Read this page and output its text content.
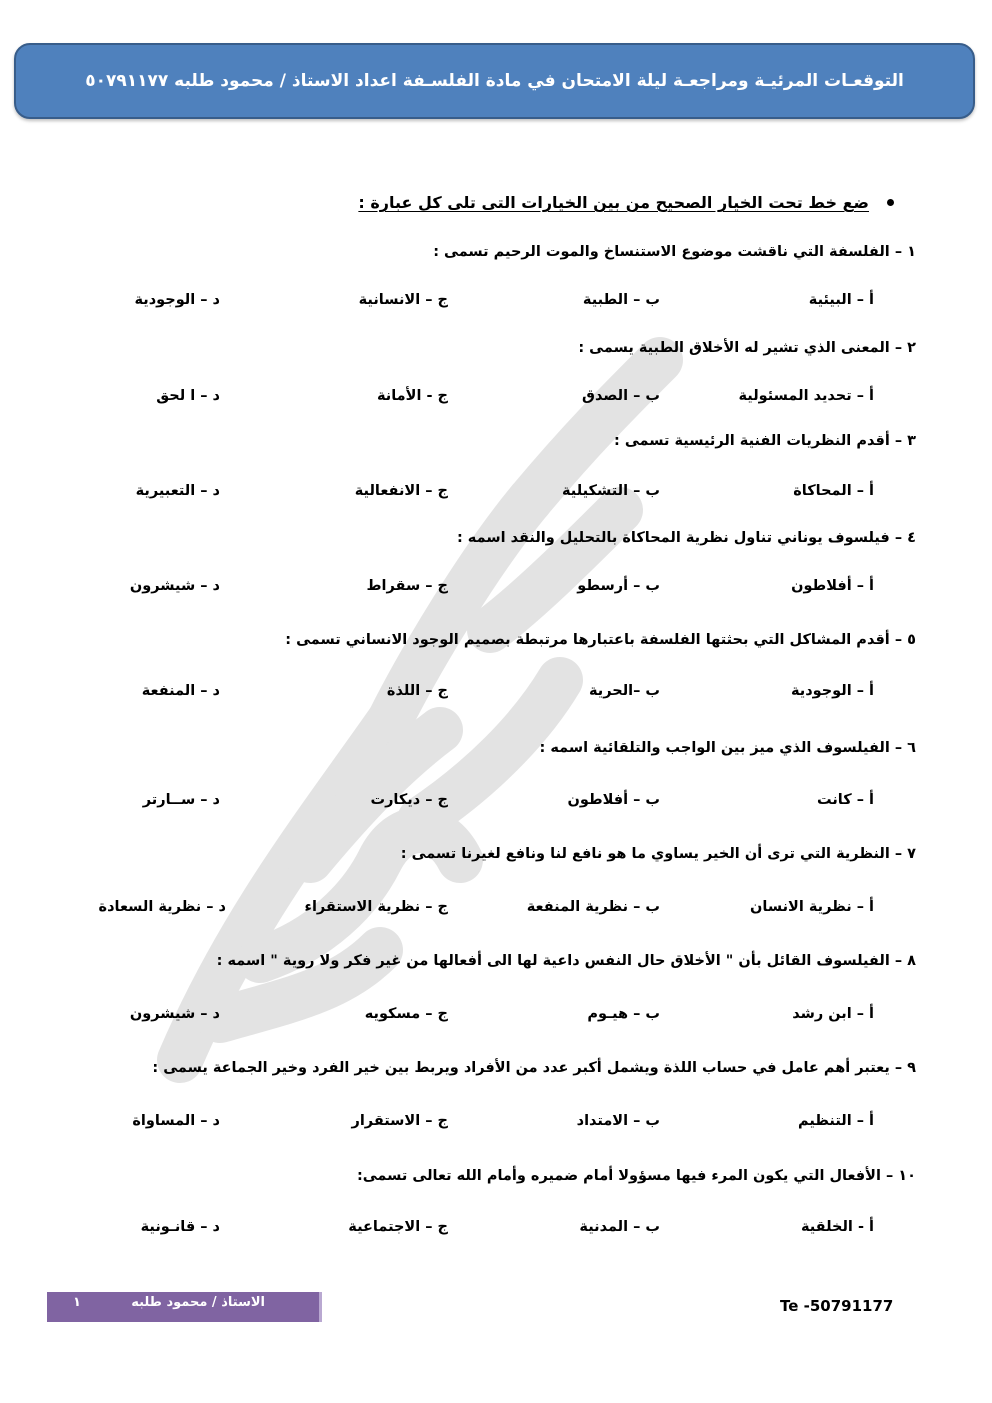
التوقعـات المرئيـة ومراجعـة ليلة الامتحان في مادة الفلسـفة اعداد الاستاذ / محمود طلبه ٥٠٧٩١١٧٧
ضع خط تحت الخيار الصحيح من بين الخيارات التى تلى كل عبارة :
١ – الفلسفة التي ناقشت موضوع الاستنساخ والموت الرحيم تسمى :
أ – البيئية
ب – الطبية
ج – الانسانية
د – الوجودية
٢ – المعنى الذي تشير له الأخلاق الطبية يسمى :
أ – تحديد المسئولية
ب – الصدق
ج - الأمانة
د – ا لحق
٣ – أقدم النظريات الفنية الرئيسية تسمى :
أ – المحاكاة
ب – التشكيلية
ج – الانفعالية
د – التعبيرية
٤ – فيلسوف يوناني تناول نظرية المحاكاة بالتحليل والنقد اسمه :
أ – أفلاطون
ب – أرسطو
ج – سقراط
د – شيشرون
٥ – أقدم المشاكل التي بحثتها الفلسفة باعتبارها مرتبطة بصميم الوجود الانساني تسمى :
أ – الوجودية
ب –الحرية
ج – اللذة
د – المنفعة
٦ – الفيلسوف الذي ميز بين الواجب والتلقائية اسمه :
أ – كانت
ب – أفلاطون
ج – ديكارت
د – ســارتر
٧ – النظرية التي ترى أن الخير يساوي ما هو نافع لنا ونافع لغيرنا تسمى :
أ – نظرية الانسان
ب – نظرية المنفعة
ج – نظرية الاستقراء
د – نظرية السعادة
٨ – الفيلسوف القائل بأن " الأخلاق حال النفس داعية لها الى أفعالها من غير فكر ولا روية " اسمه :
أ – ابن رشد
ب – هيـوم
ج – مسكويه
د – شيشرون
٩ – يعتبر أهم عامل في حساب اللذة ويشمل أكبر عدد من الأفراد ويربط بين خير الفرد وخير الجماعة يسمى :
أ – التنظيم
ب – الامتداد
ج – الاستقرار
د – المساواة
١٠ – الأفعال التي يكون المرء فيها مسؤولا أمام ضميره وأمام الله تعالى تسمى:
أ - الخلقية
ب – المدنية
ج – الاجتماعية
د – قانـونية
الاستاذ / محمود طلبه
١	Te -50791177
